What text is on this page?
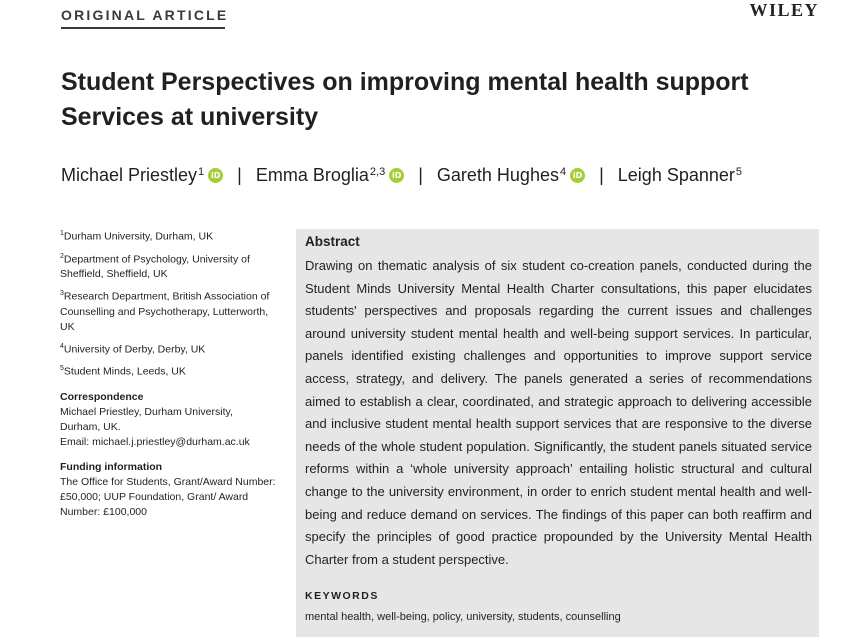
ORIGINAL ARTICLE	WILEY
Student Perspectives on improving mental health support Services at university
Michael Priestley$^1$ iD | Emma Broglia$^{2,3}$ iD | Gareth Hughes$^4$ iD | Leigh Spanner$^5$
$^1$Durham University, Durham, UK
$^2$Department of Psychology, University of Sheffield, Sheffield, UK
$^3$Research Department, British Association of Counselling and Psychotherapy, Lutterworth, UK
$^4$University of Derby, Derby, UK
$^5$Student Minds, Leeds, UK
Correspondence
Michael Priestley, Durham University,
Durham, UK.
Email: michael.j.priestley@durham.ac.uk
Funding information
The Office for Students, Grant/Award Number: £50,000; UUP Foundation, Grant/ Award Number: £100,000
Abstract

Drawing on thematic analysis of six student co-creation panels, conducted during the Student Minds University Mental Health Charter consultations, this paper elucidates students' perspectives and proposals regarding the current issues and challenges around university student mental health and well-being support services. In particular, panels identified existing challenges and opportunities to improve support service access, strategy, and delivery. The panels generated a series of recommendations aimed to establish a clear, coordinated, and strategic approach to delivering accessible and inclusive student mental health support services that are responsive to the diverse needs of the whole student population. Significantly, the student panels situated service reforms within a ‘whole university approach’ entailing holistic structural and cultural change to the university environment, in order to enrich student mental health and well-being and reduce demand on services. The findings of this paper can both reaffirm and specify the principles of good practice propounded by the University Mental Health Charter from a student perspective.

KEYWORDS
mental health, well-being, policy, university, students, counselling
